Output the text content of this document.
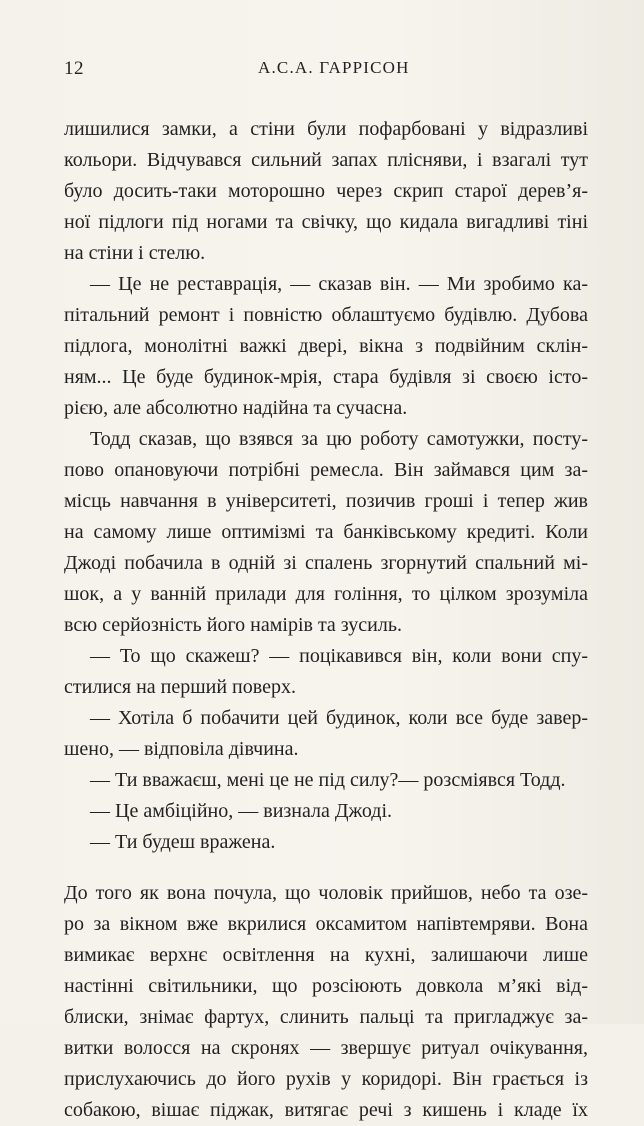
12	А.С.А. ГАРРІСОН
лишилися замки, а стіни були пофарбовані у відразливі
кольори. Відчувався сильний запах плісняви, і взагалі тут
було досить-таки моторошно через скрип старої дерев’я-
ної підлоги під ногами та свічку, що кидала вигадливі тіні
на стіни і стелю.
— Це не реставрація, — сказав він. — Ми зробимо ка-
пітальний ремонт і повністю облаштуємо будівлю. Дубова
підлога, монолітні важкі двері, вікна з подвійним склін-
ням... Це буде будинок-мрія, стара будівля зі своєю істо-
рією, але абсолютно надійна та сучасна.
Тодд сказав, що взявся за цю роботу самотужки, посту-
пово опановуючи потрібні ремесла. Він займався цим за-
місць навчання в університеті, позичив гроші і тепер жив
на самому лише оптимізмі та банківському кредиті. Коли
Джоді побачила в одній зі спалень згорнутий спальний мі-
шок, а у ванній прилади для гоління, то цілком зрозуміла
всю серйозність його намірів та зусиль.
— То що скажеш? — поцікавився він, коли вони спу-
стилися на перший поверх.
— Хотіла б побачити цей будинок, коли все буде завер-
шено, — відповіла дівчина.
— Ти вважаєш, мені це не під силу?— розсміявся Тодд.
— Це амбіційно, — визнала Джоді.
— Ти будеш вражена.
До того як вона почула, що чоловік прийшов, небо та озе-
ро за вікном вже вкрилися оксамитом напівтемряви. Вона
вимикає верхнє освітлення на кухні, залишаючи лише
настінні світильники, що розсіюють довкола м’які від-
блиски, знімає фартух, слинить пальці та пригладжує за-
витки волосся на скронях — звершує ритуал очікування,
прислухаючись до його рухів у коридорі. Він грається із
собакою, вішає піджак, витягає речі з кишень і кладе їх
